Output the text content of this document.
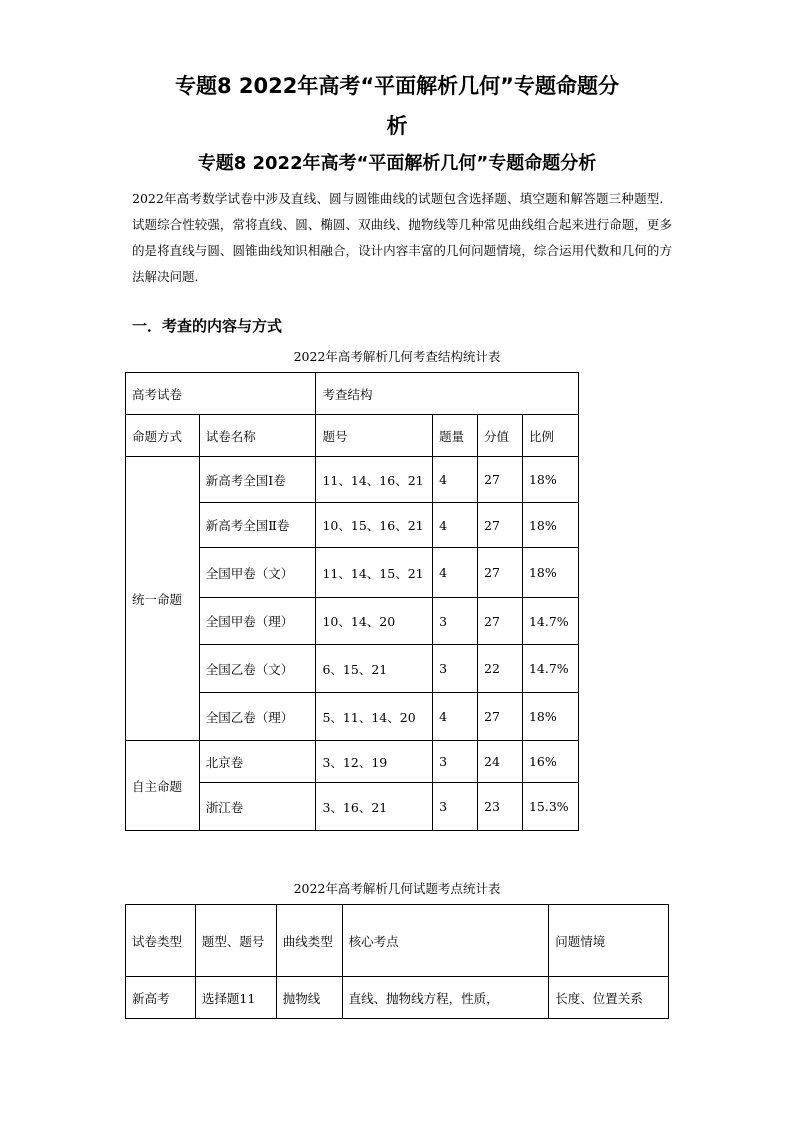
专题8 2022年高考“平面解析几何”专题命题分
析
专题8 2022年高考“平面解析几何”专题命题分析
2022年高考数学试卷中涉及直线、圆与圆锥曲线的试题包含选择题、填空题和解答题三种题型．试题综合性较强，常将直线、圆、椭圆、双曲线、抛物线等几种常见曲线组合起来进行命题，更多的是将直线与圆、圆锥曲线知识相融合，设计内容丰富的几何问题情境，综合运用代数和几何的方法解决问题．
一．考查的内容与方式
2022年高考解析几何考查结构统计表
高考试卷		考查结构			
命题方式	试卷名称	题号	题量	分值	比例
统一命题	新高考全国Ⅰ卷	11、14、16、21	4	27	18%
	新高考全国Ⅱ卷	10、15、16、21	4	27	18%
	全国甲卷（文）	11、14、15、21	4	27	18%
	全国甲卷（理）	10、14、20	3	27	14.7%
	全国乙卷（文）	6、15、21	3	22	14.7%
	全国乙卷（理）	5、11、14、20	4	27	18%
自主命题	北京卷	3、12、19	3	24	16%
	浙江卷	3、16、21	3	23	15.3%
2022年高考解析几何试题考点统计表
试卷类型	题型、题号	曲线类型	核心考点	问题情境
新高考	选择题11	抛物线	直线、抛物线方程，性质，	长度、位置关系
